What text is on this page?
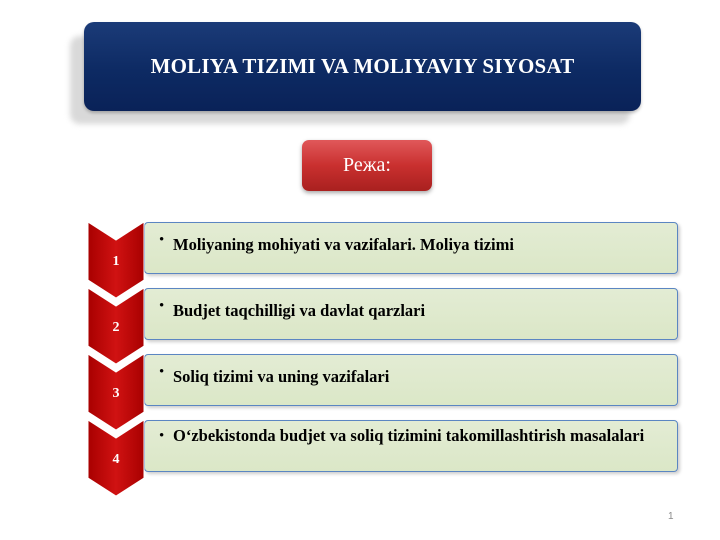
MOLIYA TIZIMI VA MOLIYAVIY SIYOSAT
Режа:
• Moliyaning mohiyati va vazifalari. Moliya tizimi
1
• Budjet taqchilligi va davlat qarzlari
2
• Soliq tizimi va uning vazifalari
3
• O‘zbekistonda budjet va soliq tizimini takomillashtirish masalalari
4
1
